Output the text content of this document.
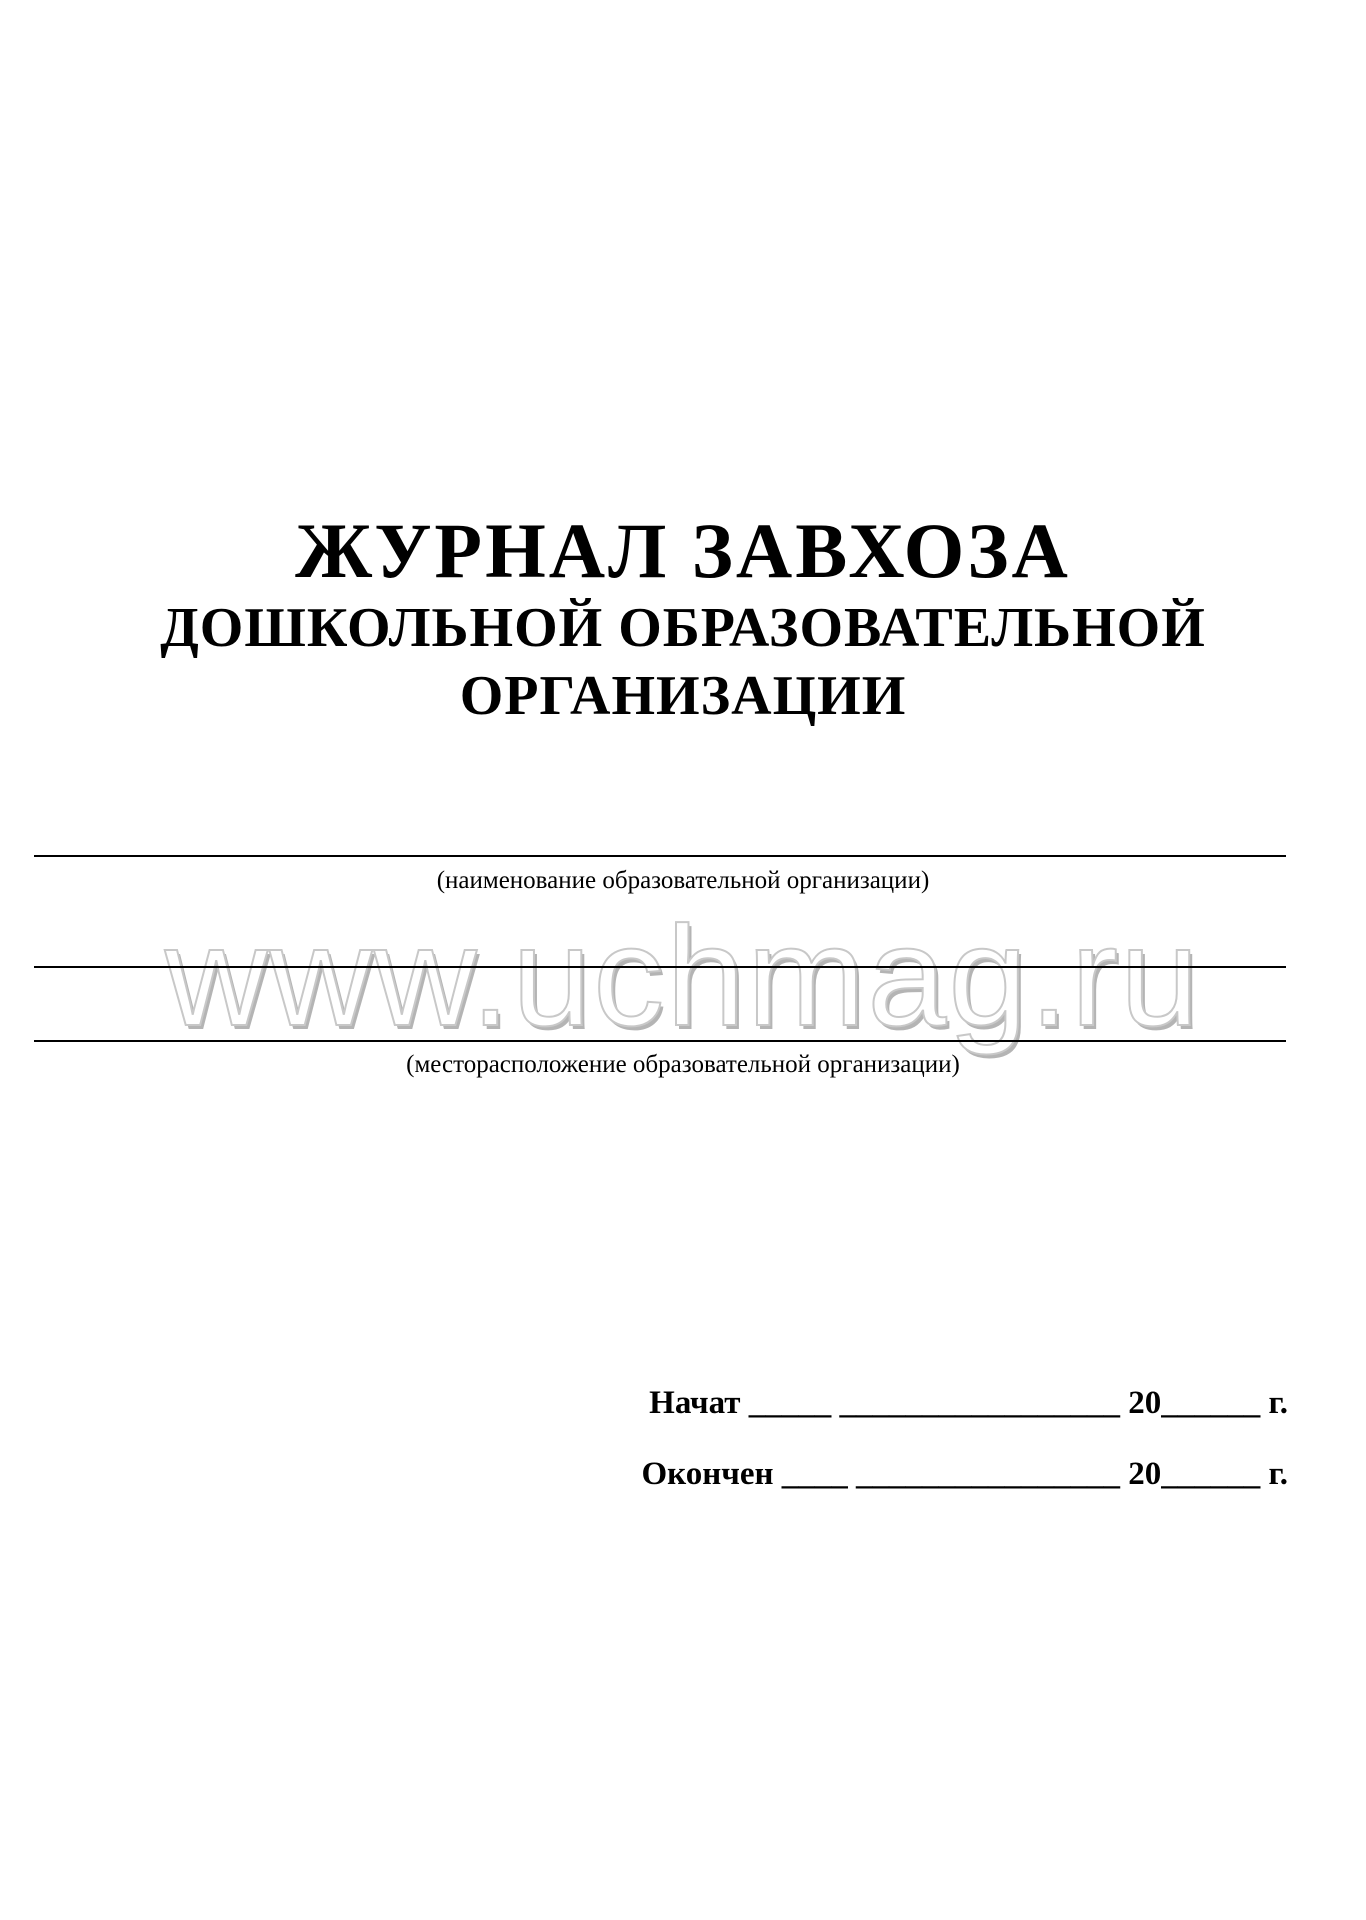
ЖУРНАЛ ЗАВХОЗА
ДОШКОЛЬНОЙ ОБРАЗОВАТЕЛЬНОЙ
ОРГАНИЗАЦИИ
(наименование образовательной организации)
www.uchmag.ru
(месторасположение образовательной организации)
Начат _____ _________________ 20______ г.
Окончен ____ ________________ 20______ г.
